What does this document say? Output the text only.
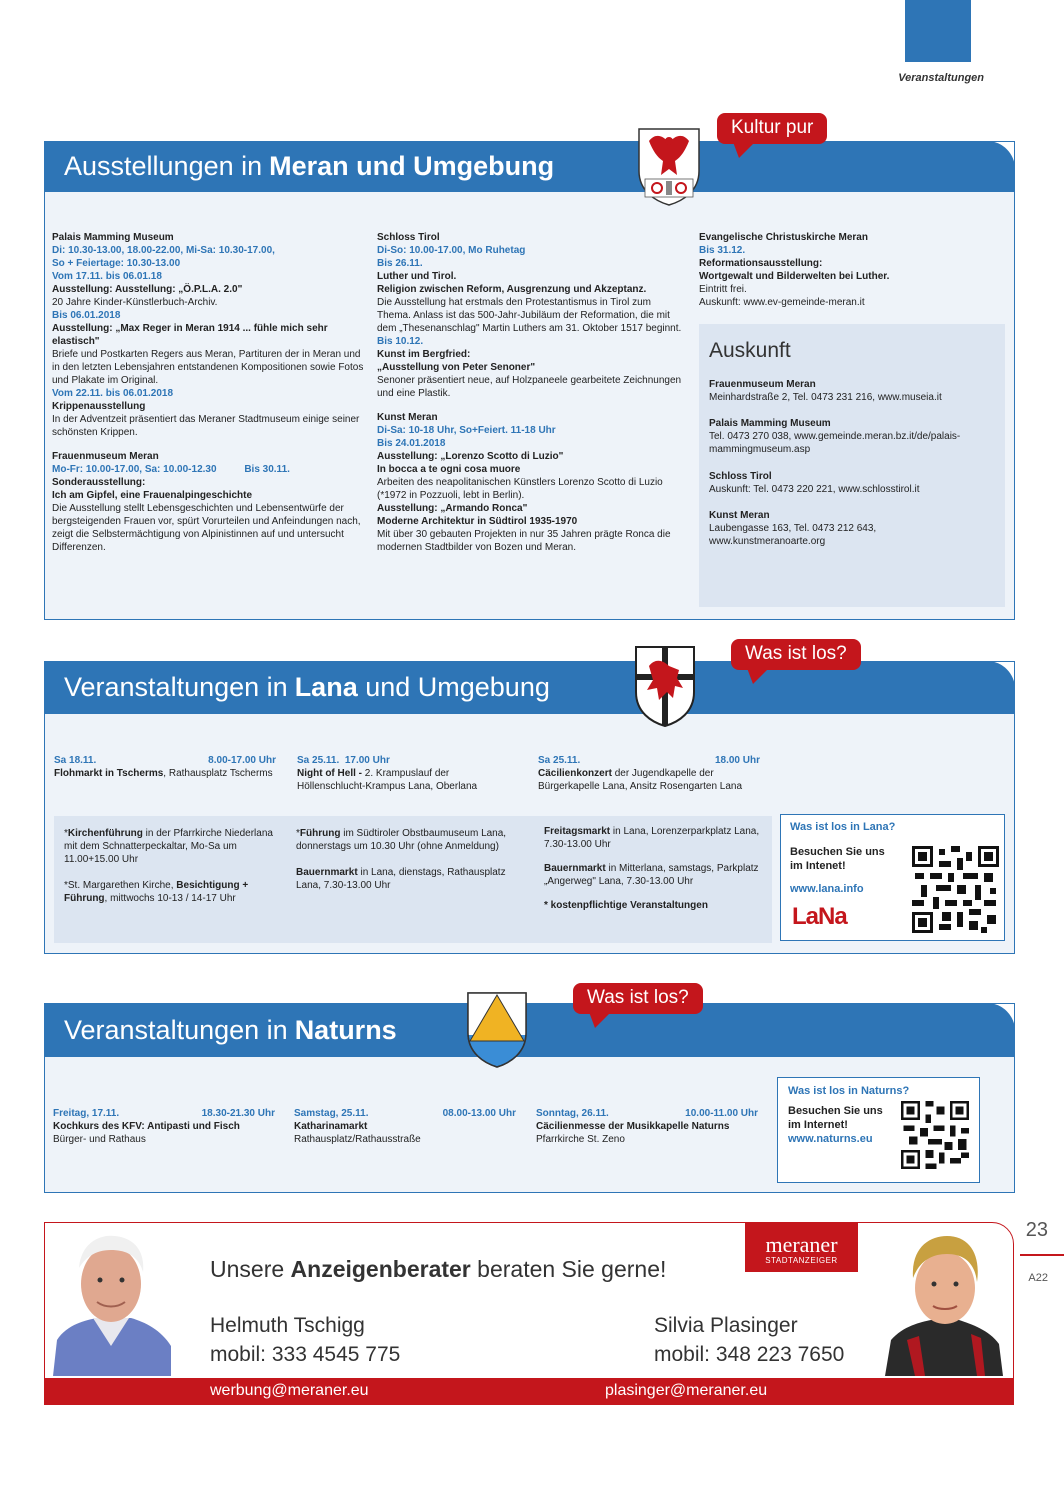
Veranstaltungen
Ausstellungen in Meran und Umgebung
Kultur pur

Palais Mamming Museum

Di: 10.30-13.00, 18.00-22.00, Mi-Sa: 10.30-17.00,

So + Feiertage: 10.30-13.00

Vom 17.11. bis 06.01.18

Ausstellung: Ausstellung: „Ö.P.L.A. 2.0"

20 Jahre Kinder-Künstlerbuch-Archiv.

Bis 06.01.2018

Ausstellung: „Max Reger in Meran 1914 ... fühle mich sehr elastisch"

Briefe und Postkarten Regers aus Meran, Partituren der in Meran und in den letzten Lebensjahren entstandenen Kompositionen sowie Fotos und Plakate im Original.

Vom 22.11. bis 06.01.2018

Krippenausstellung

In der Adventzeit präsentiert das Meraner Stadtmuseum einige seiner schönsten Krippen.

Frauenmuseum Meran

Mo-Fr: 10.00-17.00, Sa: 10.00-12.30          Bis 30.11.

Sonderausstellung:

Ich am Gipfel, eine Frauenalpingeschichte

Die Ausstellung stellt Lebensgeschichten und Lebensentwürfe der bergsteigenden Frauen vor, spürt Vorurteilen und Anfeindungen nach, zeigt die Selbstermächtigung von Alpinistinnen auf und untersucht Differenzen.

Schloss Tirol

Di-So: 10.00-17.00, Mo Ruhetag

Bis 26.11.

Luther und Tirol.

Religion zwischen Reform, Ausgrenzung und Akzeptanz.

Die Ausstellung hat erstmals den Protestantismus in Tirol zum Thema. Anlass ist das 500-Jahr-Jubiläum der Reformation, die mit dem „Thesenanschlag" Martin Luthers am 31. Oktober 1517 beginnt.

Bis 10.12.

Kunst im Bergfried:

„Ausstellung von Peter Senoner"

Senoner präsentiert neue, auf Holzpaneele gearbeitete Zeichnungen und eine Plastik.

Kunst Meran

Di-Sa: 10-18 Uhr, So+Feiert. 11-18 Uhr

Bis 24.01.2018

Ausstellung: „Lorenzo Scotto di Luzio"

In bocca a te ogni cosa muore

Arbeiten des neapolitanischen Künstlers Lorenzo Scotto di Luzio (*1972 in Pozzuoli, lebt in Berlin).

Ausstellung: „Armando Ronca"

Moderne Architektur in Südtirol 1935-1970

Mit über 30 gebauten Projekten in nur 35 Jahren prägte Ronca die modernen Stadtbilder von Bozen und Meran.

Evangelische Christuskirche Meran

Bis 31.12.

Reformationsausstellung:

Wortgewalt und Bilderwelten bei Luther.

Eintritt frei.

Auskunft: www.ev-gemeinde-meran.it

Auskunft
Frauenmuseum Meran
Meinhardstraße 2, Tel. 0473 231 216, www.museia.it
Palais Mamming Museum
Tel. 0473 270 038, www.gemeinde.meran.bz.it/de/palais-mammingmuseum.asp
Schloss Tirol
Auskunft: Tel. 0473 220 221, www.schlosstirol.it
Kunst Meran
Laubengasse 163, Tel. 0473 212 643, www.kunstmeranoarte.org
Veranstaltungen in Lana und Umgebung
Was ist los?
Sa 18.11.	8.00-17.00 Uhr
Flohmarkt in Tscherms, Rathausplatz Tscherms
Sa 25.11.  17.00 Uhr
Night of Hell - 2. Krampuslauf der Höllenschlucht-Krampus Lana, Oberlana
Sa 25.11.	18.00 Uhr
Cäcilienkonzert der Jugendkapelle der Bürgerkapelle Lana, Ansitz Rosengarten Lana
*Kirchenführung in der Pfarrkirche Niederlana mit dem Schnatterpeckaltar, Mo-Sa um 11.00+15.00 Uhr
*St. Margarethen Kirche, Besichtigung + Führung, mittwochs 10-13 / 14-17 Uhr
*Führung im Südtiroler Obstbaumuseum Lana, donnerstags um 10.30 Uhr (ohne Anmeldung)
Bauernmarkt in Lana, dienstags, Rathausplatz Lana, 7.30-13.00 Uhr
Freitagsmarkt in Lana, Lorenzerparkplatz Lana, 7.30-13.00 Uhr
Bauernmarkt in Mitterlana, samstags, Parkplatz „Angerweg" Lana, 7.30-13.00 Uhr
* kostenpflichtige Veranstaltungen
Was ist los in Lana?
Besuchen Sie uns
im Intenet!
www.lana.info
LaNa
Veranstaltungen in Naturns
Was ist los?
Freitag, 17.11.	18.30-21.30 Uhr
Kochkurs des KFV: Antipasti und Fisch
Bürger- und Rathaus
Samstag, 25.11.	08.00-13.00 Uhr
Katharinamarkt
Rathausplatz/Rathausstraße
Sonntag, 26.11.	10.00-11.00 Uhr
Cäcilienmesse der Musikkapelle Naturns
Pfarrkirche St. Zeno
Was ist los in Naturns?
Besuchen Sie uns
im Internet!
www.naturns.eu
Unsere Anzeigenberater beraten Sie gerne!
Helmuth Tschigg
mobil: 333 4545 775
werbung@meraner.eu
Silvia Plasinger
mobil: 348 223 7650
plasinger@meraner.eu
meraner
STADTANZEIGER
23
A22
